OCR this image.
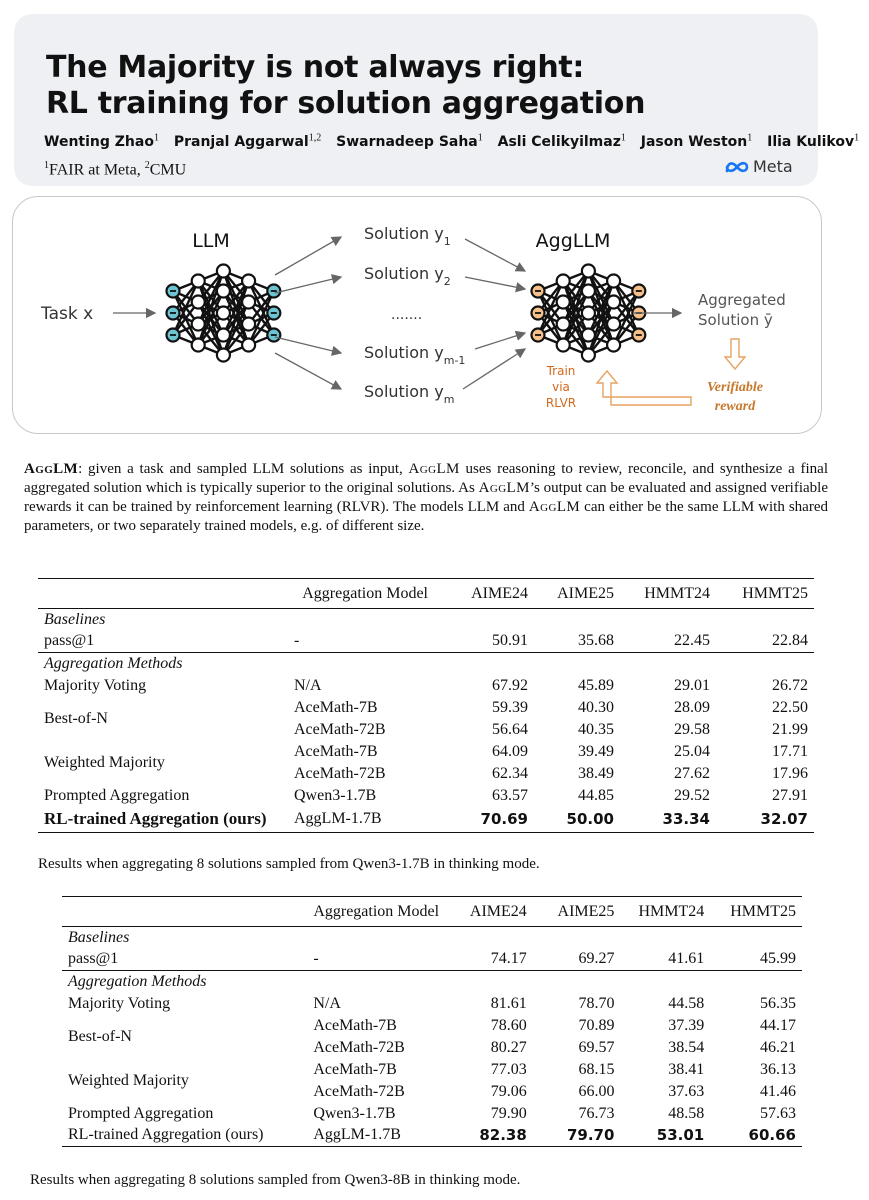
The Majority is not always right:
RL training for solution aggregation
Wenting Zhao$^1$ Pranjal Aggarwal$^{1,2}$ Swarnadeep Saha$^1$ Asli Celikyilmaz$^1$ Jason Weston$^1$ Ilia Kulikov$^1$
$^1$FAIR at Meta, $^2$CMU	Meta
LLM	AggLLM
Task x
Solution $y_1$
Solution $y_2$
.......
Solution $y_{m-1}$
Solution $y_m$
Aggregated
Solution ȳ
Verifiable
reward
Train
via
RLVR
AggLM: given a task and sampled LLM solutions as input, AggLM uses reasoning to review, reconcile, and synthesize a final aggregated solution which is typically superior to the original solutions. As AggLM’s output can be evaluated and assigned verifiable rewards it can be trained by reinforcement learning (RLVR). The models LLM and AggLM can either be the same LLM with shared parameters, or two separately trained models, e.g. of different size.
	Aggregation Model	AIME24	AIME25	HMMT24	HMMT25
Baselines					
pass@1	-	50.91	35.68	22.45	22.84
Aggregation Methods					
Majority Voting	N/A	67.92	45.89	29.01	26.72
Best-of-N	AceMath-7B	59.39	40.30	28.09	22.50
	AceMath-72B	56.64	40.35	29.58	21.99
Weighted Majority	AceMath-7B	64.09	39.49	25.04	17.71
	AceMath-72B	62.34	38.49	27.62	17.96
Prompted Aggregation	Qwen3-1.7B	63.57	44.85	29.52	27.91
RL-trained Aggregation (ours)	AggLM-1.7B	70.69	50.00	33.34	32.07
Results when aggregating 8 solutions sampled from Qwen3-1.7B in thinking mode.
	Aggregation Model	AIME24	AIME25	HMMT24	HMMT25
Baselines					
pass@1	-	74.17	69.27	41.61	45.99
Aggregation Methods					
Majority Voting	N/A	81.61	78.70	44.58	56.35
Best-of-N	AceMath-7B	78.60	70.89	37.39	44.17
	AceMath-72B	80.27	69.57	38.54	46.21
Weighted Majority	AceMath-7B	77.03	68.15	38.41	36.13
	AceMath-72B	79.06	66.00	37.63	41.46
Prompted Aggregation	Qwen3-1.7B	79.90	76.73	48.58	57.63
RL-trained Aggregation (ours)	AggLM-1.7B	82.38	79.70	53.01	60.66
Results when aggregating 8 solutions sampled from Qwen3-8B in thinking mode.
